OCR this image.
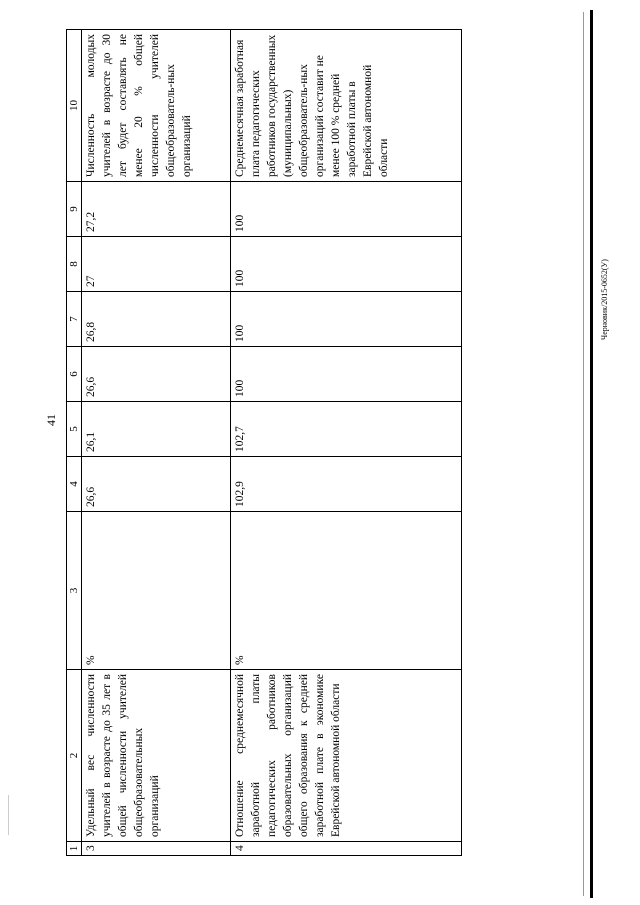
41
Черновик/2015-0652(У)
1	2	3	4	5	6	7	8	9	10
3	Удельный вес численности учителей в возрасте до 35 лет в общей численности учителей общеобразовательных организаций	%	26,6	26,1	26,6	26,8	27	27,2	Численность молодых учителей в возрасте до 30 лет будет составлять не менее 20 % общей численности учителей общеобразователь-ных организаций
4	Отношение среднемесячной заработной платы педагогических работников образовательных организаций общего образования к средней заработной плате в экономике Еврейской автономной области	%	102,9	102,7	100	100	100	100	Среднемесячная заработная плата педагогических работников государственных (муниципальных) общеобразователь-ных организаций составит не менее 100 % средней заработной платы в Еврейской автономной области
